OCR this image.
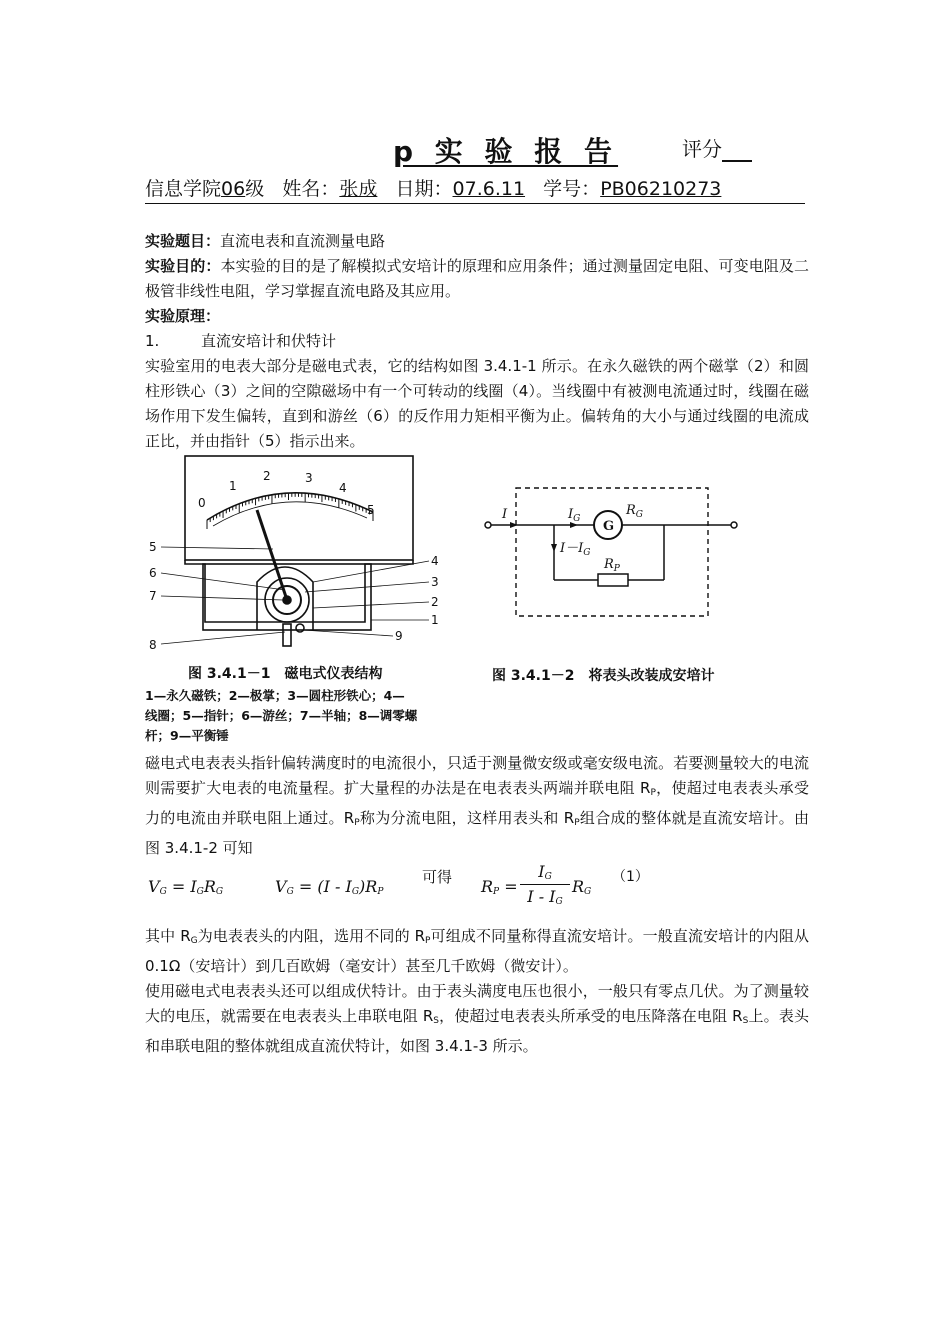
p 实 验 报 告	评分
信息学院06级 姓名：张成 日期：07.6.11 学号：PB06210273

实验题目：直流电表和直流测量电路

实验目的：本实验的目的是了解模拟式安培计的原理和应用条件；通过测量固定电阻、可变电阻及二极管非线性电阻，学习掌握直流电路及其应用。

实验原理：

1.	直流安培计和伏特计

实验室用的电表大部分是磁电式表，它的结构如图 3.4.1-1 所示。在永久磁铁的两个磁掌（2）和圆柱形铁心（3）之间的空隙磁场中有一个可转动的线圈（4）。当线圈中有被测电流通过时，线圈在磁场作用下发生偏转，直到和游丝（6）的反作用力矩相平衡为止。偏转角的大小与通过线圈的电流成正比，并由指针（5）指示出来。

0
1
2	3
4
5
5
6
7
8
4
3
2
1
9
图 3.4.1－1　磁电式仪表结构
1—永久磁铁；2—极掌；3—圆柱形铁心；4—
线圈；5—指针；6—游丝；7—半轴；8—调零螺
杆；9—平衡锤
I	$I_G$
$I-I_G$
G
$R_G$
$R_P$
图 3.4.1－2　将表头改装成安培计

磁电式电表表头指针偏转满度时的电流很小，只适于测量微安级或毫安级电流。若要测量较大的电流则需要扩大电表的电流量程。扩大量程的办法是在电表表头两端并联电阻 $R_P$，使超过电表表头承受力的电流由并联电阻上通过。$R_P$称为分流电阻，这样用表头和 $R_P$组合成的整体就是直流安培计。由图 3.4.1-2 可知

$V_G = I_GR_G$	$V_G = (I - I_G)R_P$
可得 $R_P$ =
$I_G$
I - $I_G$
$R_G$
（1）

其中 $R_G$为电表表头的内阻，选用不同的 $R_P$可组成不同量称得直流安培计。一般直流安培计的内阻从 0.1Ω（安培计）到几百欧姆（毫安计）甚至几千欧姆（微安计）。

使用磁电式电表表头还可以组成伏特计。由于表头满度电压也很小，一般只有零点几伏。为了测量较大的电压，就需要在电表表头上串联电阻 $R_S$，使超过电表表头所承受的电压降落在电阻 $R_S$上。表头和串联电阻的整体就组成直流伏特计，如图 3.4.1-3 所示。
